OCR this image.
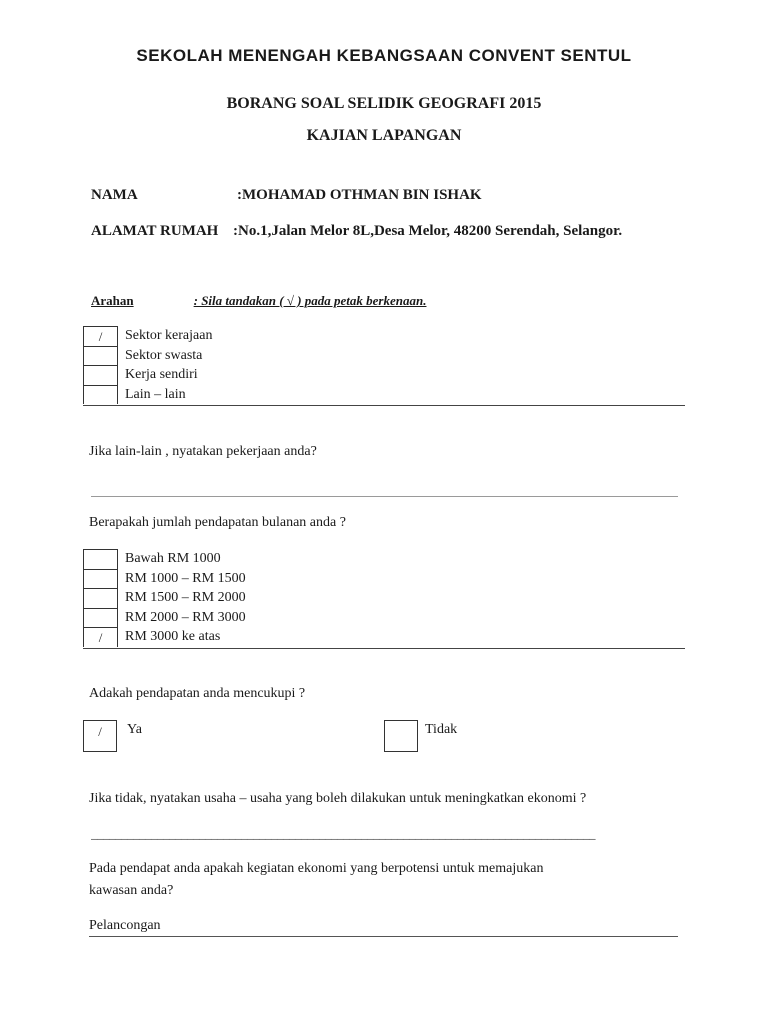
SEKOLAH MENENGAH KEBANGSAAN CONVENT SENTUL
BORANG SOAL SELIDIK GEOGRAFI 2015
KAJIAN LAPANGAN
NAMA	:MOHAMAD OTHMAN BIN ISHAK
ALAMAT RUMAH :No.1,Jalan Melor 8L,Desa Melor, 48200 Serendah, Selangor.
Arahan	: Sila tandakan ( √ ) pada petak berkenaan.
/	Sektor kerajaan
Sektor swasta
Kerja sendiri
Lain – lain
Jika lain-lain , nyatakan pekerjaan anda?
Berapakah jumlah pendapatan bulanan anda ?
Bawah RM 1000
RM 1000 – RM 1500
RM 1500 – RM 2000
RM 2000 – RM 3000
/	RM 3000 ke atas
Adakah pendapatan anda mencukupi ?
/	Ya	Tidak
Jika tidak, nyatakan usaha – usaha yang boleh dilakukan untuk meningkatkan ekonomi ?
____________________________________________________________________________________
Pada pendapat anda apakah kegiatan ekonomi yang berpotensi untuk memajukan
kawasan anda?
Pelancongan
